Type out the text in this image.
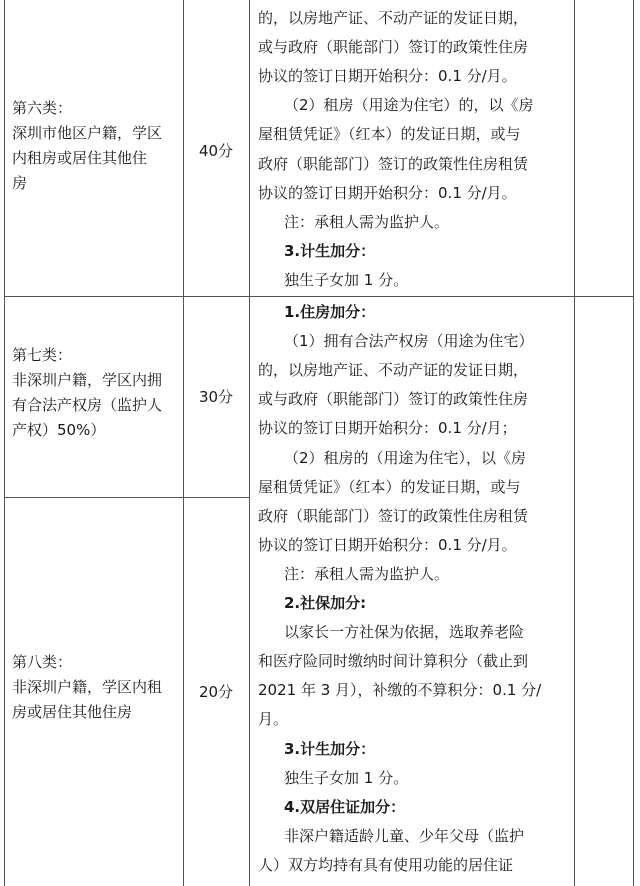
第六类：
深圳市他区户籍，学区
内租房或居住其他住
房
第七类：
非深圳户籍，学区内拥
有合法产权房（监护人
产权）50%）
第八类：
非深圳户籍，学区内租
房或居住其他住房
40分
30分
20分
的，以房地产证、不动产证的发证日期，
或与政府（职能部门）签订的政策性住房
协议的签订日期开始积分：0.1 分/月。
（2）租房（用途为住宅）的，以《房
屋租赁凭证》（红本）的发证日期，或与
政府（职能部门）签订的政策性住房租赁
协议的签订日期开始积分：0.1 分/月。
注：承租人需为监护人。
3.计生加分：
独生子女加 1 分。
1.住房加分：
（1）拥有合法产权房（用途为住宅）
的，以房地产证、不动产证的发证日期，
或与政府（职能部门）签订的政策性住房
协议的签订日期开始积分：0.1 分/月；
（2）租房的（用途为住宅），以《房
屋租赁凭证》（红本）的发证日期，或与
政府（职能部门）签订的政策性住房租赁
协议的签订日期开始积分：0.1 分/月。
注：承租人需为监护人。
2.社保加分:
以家长一方社保为依据，选取养老险
和医疗险同时缴纳时间计算积分（截止到
2021 年 3 月），补缴的不算积分：0.1 分/
月。
3.计生加分：
独生子女加 1 分。
4.双居住证加分：
非深户籍适龄儿童、少年父母（监护
人）双方均持有具有使用功能的居住证
